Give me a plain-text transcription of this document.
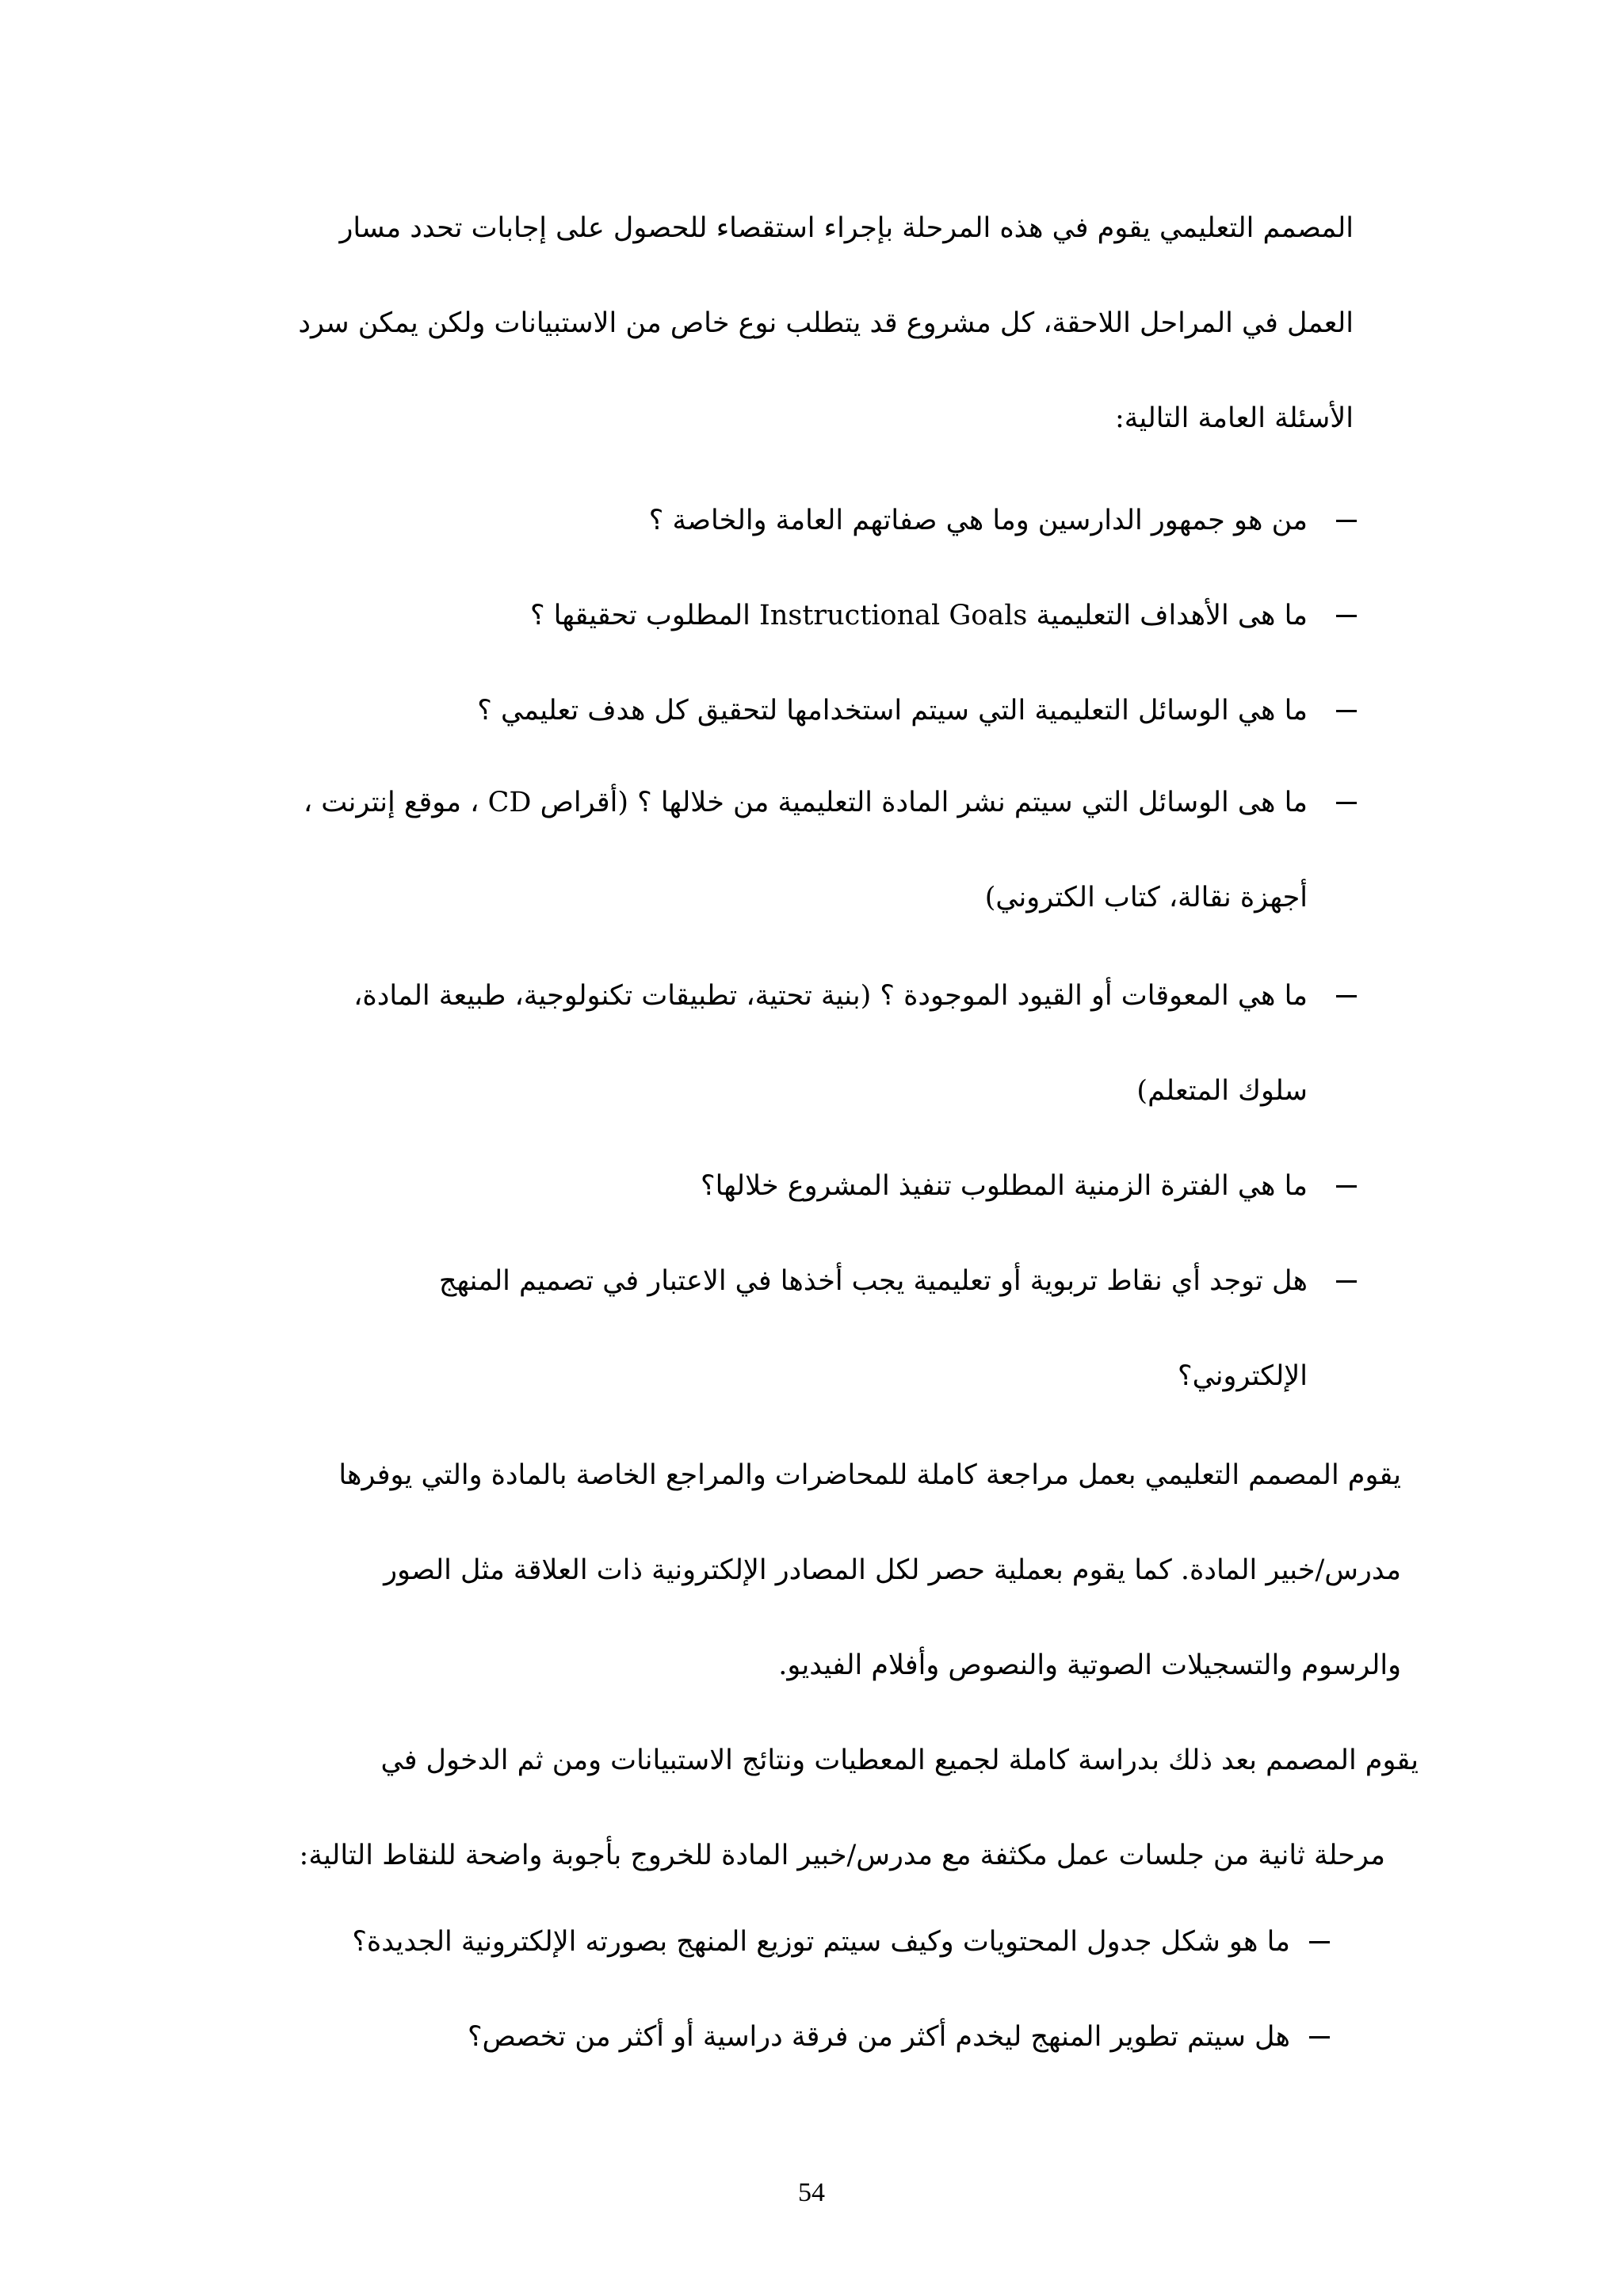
المصمم التعليمي يقوم في هذه المرحلة بإجراء استقصاء للحصول على إجابات تحدد مسار
العمل في المراحل اللاحقة، كل مشروع قد يتطلب نوع خاص من الاستبيانات ولكن يمكن سرد
الأسئلة العامة التالية:
من هو جمهور الدارسين وما هي صفاتهم العامة والخاصة ؟
ما هى الأهداف التعليمية Instructional Goals المطلوب تحقيقها ؟
ما هي الوسائل التعليمية التي سيتم استخدامها لتحقيق كل هدف تعليمي ؟
ما هى الوسائل التي سيتم نشر المادة التعليمية من خلالها ؟ (أقراص CD ، موقع إنترنت ،
أجهزة نقالة، كتاب الكتروني)
ما هي المعوقات أو القيود الموجودة ؟ (بنية تحتية، تطبيقات تكنولوجية، طبيعة المادة،
سلوك المتعلم)
ما هي الفترة الزمنية المطلوب تنفيذ المشروع خلالها؟
هل توجد أي نقاط تربوية أو تعليمية يجب أخذها في الاعتبار في تصميم المنهج
الإلكتروني؟
يقوم المصمم التعليمي بعمل مراجعة كاملة للمحاضرات والمراجع الخاصة بالمادة والتي يوفرها
مدرس/خبير المادة. كما يقوم بعملية حصر لكل المصادر الإلكترونية ذات العلاقة مثل الصور
والرسوم والتسجيلات الصوتية والنصوص وأفلام الفيديو.
يقوم المصمم بعد ذلك بدراسة كاملة لجميع المعطيات ونتائج الاستبيانات ومن ثم الدخول في
مرحلة ثانية من جلسات عمل مكثفة مع مدرس/خبير المادة للخروج بأجوبة واضحة للنقاط التالية:
ما هو شكل جدول المحتويات وكيف سيتم توزيع المنهج بصورته الإلكترونية الجديدة؟
هل سيتم تطوير المنهج ليخدم أكثر من فرقة دراسية أو أكثر من تخصص؟
54
